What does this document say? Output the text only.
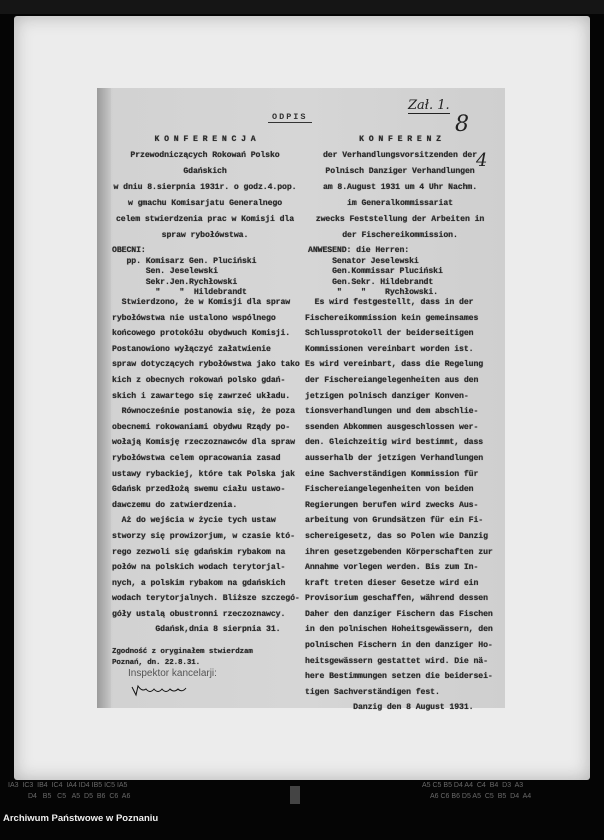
ODPIS
Zał. 1.
8
4
K O N F E R E N C J A
Przewodniczących Rokowań Polsko
Gdańskich
w dniu 8.sierpnia 1931r. o godz.4.pop.
w gmachu Komisarjatu Generalnego
celem stwierdzenia prac w Komisji dla
spraw rybołówstwa.
OBECNI:
pp. Komisarz Gen. Pluciński
Sen. Jeselewski
Sekr.Jen.Rychłowski
"    "  Hildebrandt
Stwierdzono, że w Komisji dla spraw
rybołówstwa nie ustalono wspólnego
końcowego protokółu obydwuch Komisji.
Postanowiono wyłączyć załatwienie
spraw dotyczących rybołówstwa jako tako
kich z obecnych rokowań polsko gdań-
skich i zawartego się zawrzeć układu.
Równocześnie postanowia się, że poza
obecnemi rokowaniami obydwu Rządy po-
wołają Komisję rzeczoznawców dla spraw
rybołówstwa celem opracowania zasad
ustawy rybackiej, które tak Polska jak
Gdańsk przedłożą swemu ciału ustawo-
dawczemu do zatwierdzenia.
Aż do wejścia w życie tych ustaw
stworzy się prowizorjum, w czasie któ-
rego zezwoli się gdańskim rybakom na
połów na polskich wodach terytorjal-
nych, a polskim rybakom na gdańskich
wodach terytorjalnych. Bliższe szczegó-
góły ustalą obustronni rzeczoznawcy.
Gdańsk,dnia 8 sierpnia 31.
Zgodność z oryginałem stwierdzam
Poznań, dn. 22.8.31.
Inspektor kancelarji:
K O N F E R E N Z
der Verhandlungsvorsitzenden der
Polnisch Danziger Verhandlungen
am 8.August 1931 um 4 Uhr Nachm.
im Generalkommissariat
zwecks Feststellung der Arbeiten in
der Fischereikommission.
ANWESEND: die Herren:
Senator Jeselewski
Gen.Kommissar Pluciński
Gen.Sekr. Hildebrandt
"    "    Rychłowski.
Es wird festgestellt, dass in der
Fischereikommission kein gemeinsames
Schlussprotokoll der beiderseitigen
Kommissionen vereinbart worden ist.
Es wird vereinbart, dass die Regelung
der Fischereiangelegenheiten aus den
jetzigen polnisch danziger Konven-
tionsverhandlungen und dem abschlie-
ssenden Abkommen ausgeschlossen wer-
den. Gleichzeitig wird bestimmt, dass
ausserhalb der jetzigen Verhandlungen
eine Sachverständigen Kommission für
Fischereiangelegenheiten von beiden
Regierungen berufen wird zwecks Aus-
arbeitung von Grundsätzen für ein Fi-
schereigesetz, das so Polen wie Danzig
ihren gesetzgebenden Körperschaften zur
Annahme vorlegen werden. Bis zum In-
kraft treten dieser Gesetze wird ein
Provisorium geschaffen, während dessen
Daher den danziger Fischern das Fischen
in den polnischen Hoheitsgewässern, den
polnischen Fischern in den danziger Ho-
heitsgewässern gestattet wird. Die nä-
here Bestimmungen setzen die beidersei-
tigen Sachverständigen fest.
Danzig den 8 August 1931.
IA3  IC3  IB4  IC4  IA4 ID4 IB5 IC5 IA5
D4   B5   C5   A5  D5  B6  C6  A6
A5 C5 B5 D4 A4  C4  B4  D3  A3
A6 C6 B6 D5 A5  C5  B5  D4  A4
Archiwum Państwowe w Poznaniu
